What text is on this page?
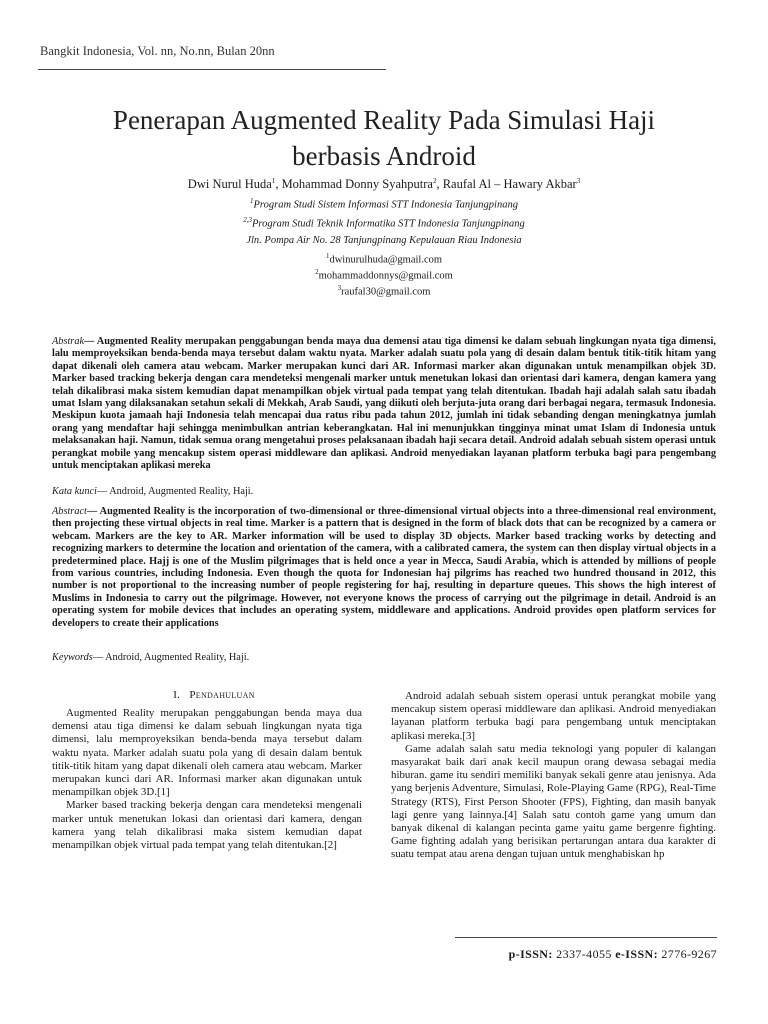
Bangkit Indonesia, Vol. nn, No.nn, Bulan 20nn
Penerapan Augmented Reality Pada Simulasi Haji
berbasis Android
Dwi Nurul Huda$^1$, Mohammad Donny Syahputra$^2$, Raufal Al – Hawary Akbar$^3$
$^1$Program Studi Sistem Informasi STT Indonesia Tanjungpinang
$^{2,3}$Program Studi Teknik Informatika STT Indonesia Tanjungpinang
Jln. Pompa Air No. 28 Tanjungpinang Kepulauan Riau Indonesia
$^1$dwinurulhuda@gmail.com
$^2$mohammaddonnys@gmail.com
$^3$raufal30@gmail.com
Abstrak— Augmented Reality merupakan penggabungan benda maya dua demensi atau tiga dimensi ke dalam sebuah lingkungan nyata tiga dimensi, lalu memproyeksikan benda-benda maya tersebut dalam waktu nyata. Marker adalah suatu pola yang di desain dalam bentuk titik-titik hitam yang dapat dikenali oleh camera atau webcam. Marker merupakan kunci dari AR. Informasi marker akan digunakan untuk menampilkan objek 3D. Marker based tracking bekerja dengan cara mendeteksi mengenali marker untuk menetukan lokasi dan orientasi dari kamera, dengan kamera yang telah dikalibrasi maka sistem kemudian dapat menampilkan objek virtual pada tempat yang telah ditentukan. Ibadah haji adalah salah satu ibadah umat Islam yang dilaksanakan setahun sekali di Mekkah, Arab Saudi, yang diikuti oleh berjuta-juta orang dari berbagai negara, termasuk Indonesia. Meskipun kuota jamaah haji Indonesia telah mencapai dua ratus ribu pada tahun 2012, jumlah ini tidak sebanding dengan meningkatnya jumlah orang yang mendaftar haji sehingga menimbulkan antrian keberangkatan. Hal ini menunjukkan tingginya minat umat Islam di Indonesia untuk melaksanakan haji. Namun, tidak semua orang mengetahui proses pelaksanaan ibadah haji secara detail. Android adalah sebuah sistem operasi untuk perangkat mobile yang mencakup sistem operasi middleware dan aplikasi. Android menyediakan layanan platform terbuka bagi para pengembang untuk menciptakan aplikasi mereka
Kata kunci— Android, Augmented Reality, Haji.
Abstract— Augmented Reality is the incorporation of two-dimensional or three-dimensional virtual objects into a three-dimensional real environment, then projecting these virtual objects in real time. Marker is a pattern that is designed in the form of black dots that can be recognized by a camera or webcam. Markers are the key to AR. Marker information will be used to display 3D objects. Marker based tracking works by detecting and recognizing markers to determine the location and orientation of the camera, with a calibrated camera, the system can then display virtual objects in a predetermined place. Hajj is one of the Muslim pilgrimages that is held once a year in Mecca, Saudi Arabia, which is attended by millions of people from various countries, including Indonesia. Even though the quota for Indonesian haj pilgrims has reached two hundred thousand in 2012, this number is not proportional to the increasing number of people registering for haj, resulting in departure queues. This shows the high interest of Muslims in Indonesia to carry out the pilgrimage. However, not everyone knows the process of carrying out the pilgrimage in detail. Android is an operating system for mobile devices that includes an operating system, middleware and applications. Android provides open platform services for developers to create their applications
Keywords— Android, Augmented Reality, Haji.
I. Pendahuluan

Augmented Reality merupakan penggabungan benda maya dua demensi atau tiga dimensi ke dalam sebuah lingkungan nyata tiga dimensi, lalu memproyeksikan benda-benda maya tersebut dalam waktu nyata. Marker adalah suatu pola yang di desain dalam bentuk titik-titik hitam yang dapat dikenali oleh camera atau webcam. Marker merupakan kunci dari AR. Informasi marker akan digunakan untuk menampilkan objek 3D.[1]

Marker based tracking bekerja dengan cara mendeteksi mengenali marker untuk menetukan lokasi dan orientasi dari kamera, dengan kamera yang telah dikalibrasi maka sistem kemudian dapat menampilkan objek virtual pada tempat yang telah ditentukan.[2]

Android adalah sebuah sistem operasi untuk perangkat mobile yang mencakup sistem operasi middleware dan aplikasi. Android menyediakan layanan platform terbuka bagi para pengembang untuk menciptakan aplikasi mereka.[3]

Game adalah salah satu media teknologi yang populer di kalangan masyarakat baik dari anak kecil maupun orang dewasa sebagai media hiburan. game itu sendiri memiliki banyak sekali genre atau jenisnya. Ada yang berjenis Adventure, Simulasi, Role-Playing Game (RPG), Real-Time Strategy (RTS), First Person Shooter (FPS), Fighting, dan masih banyak lagi genre yang lainnya.[4] Salah satu contoh game yang umum dan banyak dikenal di kalangan pecinta game yaitu game bergenre fighting. Game fighting adalah yang berisikan pertarungan antara dua karakter di suatu tempat atau arena dengan tujuan untuk menghabiskan hp

p-ISSN: 2337-4055 e-ISSN: 2776-9267
